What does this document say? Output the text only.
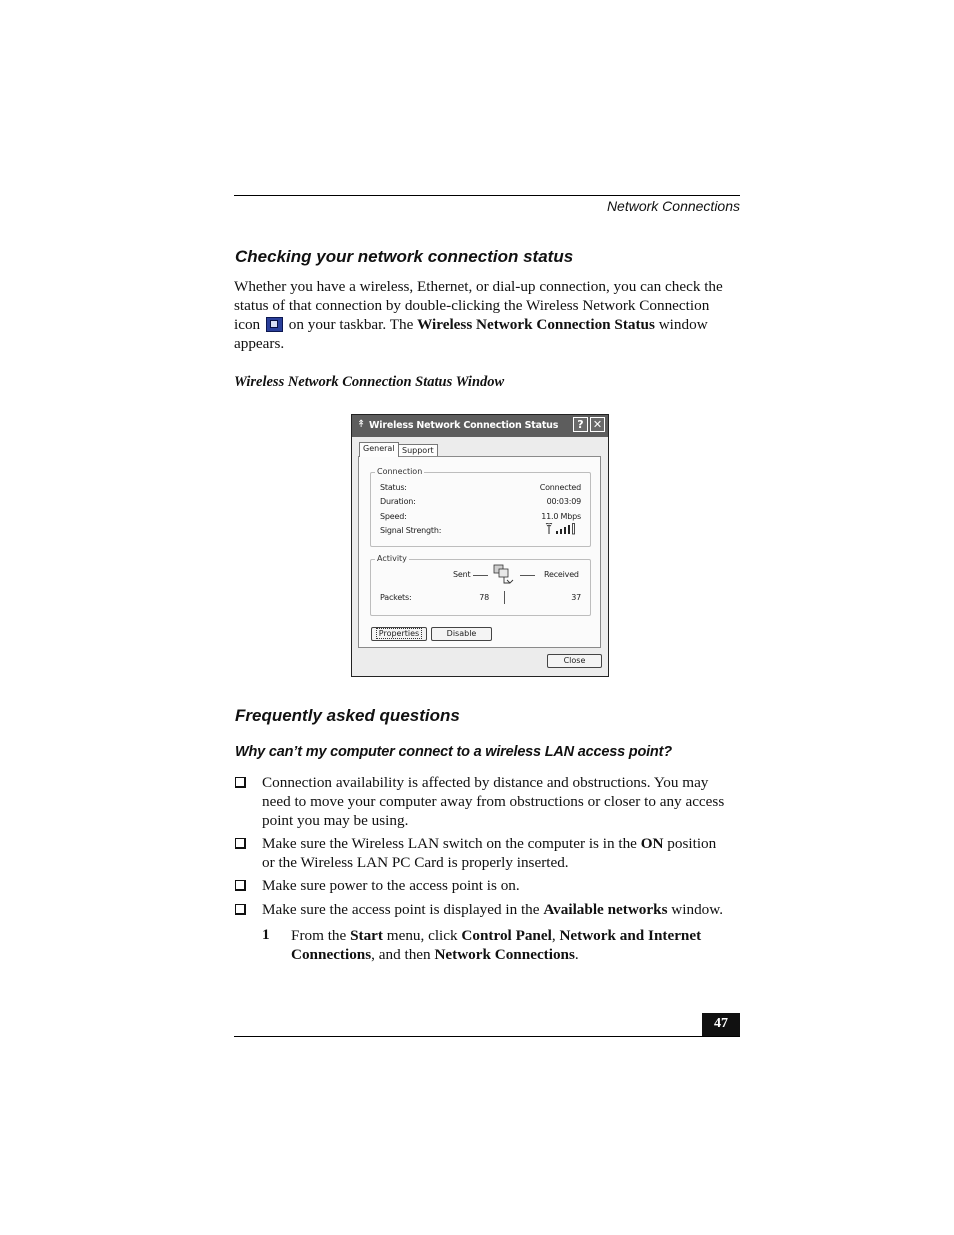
Network Connections
Checking your network connection status
Whether you have a wireless, Ethernet, or dial-up connection, you can check the
status of that connection by double-clicking the Wireless Network Connection
icon  on your taskbar. The Wireless Network Connection Status window
appears.
Wireless Network Connection Status Window
↟ Wireless Network Connection Status	? ✕
General Support
Connection
Status:	Connected
Duration:	00:03:09
Speed:	11.0 Mbps
Signal Strength:
Activity
Sent	Received
Packets:	78	37
Properties	Disable
Close
Frequently asked questions
Why can’t my computer connect to a wireless LAN access point?
Connection availability is affected by distance and obstructions. You may
need to move your computer away from obstructions or closer to any access
point you may be using.
Make sure the Wireless LAN switch on the computer is in the ON position
or the Wireless LAN PC Card is properly inserted.
Make sure power to the access point is on.
Make sure the access point is displayed in the Available networks window.
1 From the Start menu, click Control Panel, Network and Internet
Connections, and then Network Connections.
47
